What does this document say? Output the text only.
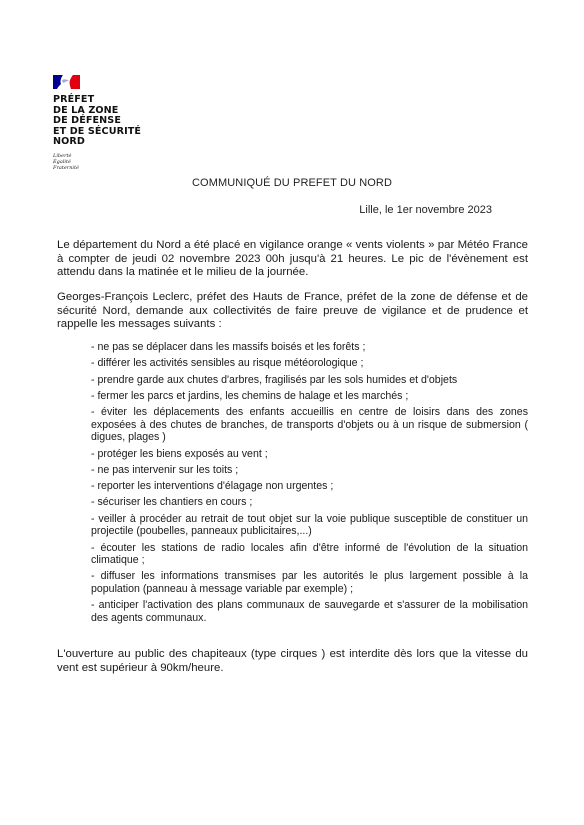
PRÉFET
DE LA ZONE
DE DÉFENSE
ET DE SÉCURITÉ
NORD

Liberté
Égalité
Fraternité
COMMUNIQUÉ DU PREFET DU NORD
Lille, le 1er novembre 2023

Le département du Nord a été placé en vigilance orange « vents violents » par Météo France à compter de jeudi 02 novembre 2023 00h jusqu'à 21 heures. Le pic de l'évènement est attendu dans la matinée et le milieu de la journée.

Georges-François Leclerc, préfet des Hauts de France, préfet de la zone de défense et de sécurité Nord, demande aux collectivités de faire preuve de vigilance et de prudence et rappelle les messages suivants :

- ne pas se déplacer dans les massifs boisés et les forêts ;
- différer les activités sensibles au risque météorologique ;
- prendre garde aux chutes d'arbres, fragilisés par les sols humides et d'objets
- fermer les parcs et jardins, les chemins de halage et les marchés ;
- éviter les déplacements des enfants accueillis en centre de loisirs dans des zones exposées à des chutes de branches, de transports d'objets ou à un risque de submersion ( digues, plages )
- protéger les biens exposés au vent ;
- ne pas intervenir sur les toits ;
- reporter les interventions d'élagage non urgentes ;
- sécuriser les chantiers en cours ;
- veiller à procéder au retrait de tout objet sur la voie publique susceptible de constituer un projectile (poubelles, panneaux publicitaires,...)
- écouter les stations de radio locales afin d'être informé de l'évolution de la situation climatique ;
- diffuser les informations transmises par les autorités le plus largement possible à la population (panneau à message variable par exemple) ;
- anticiper l'activation des plans communaux de sauvegarde et s'assurer de la mobilisation des agents communaux.

L'ouverture au public des chapiteaux (type cirques ) est interdite dès lors que la vitesse du vent est supérieur à 90km/heure.
